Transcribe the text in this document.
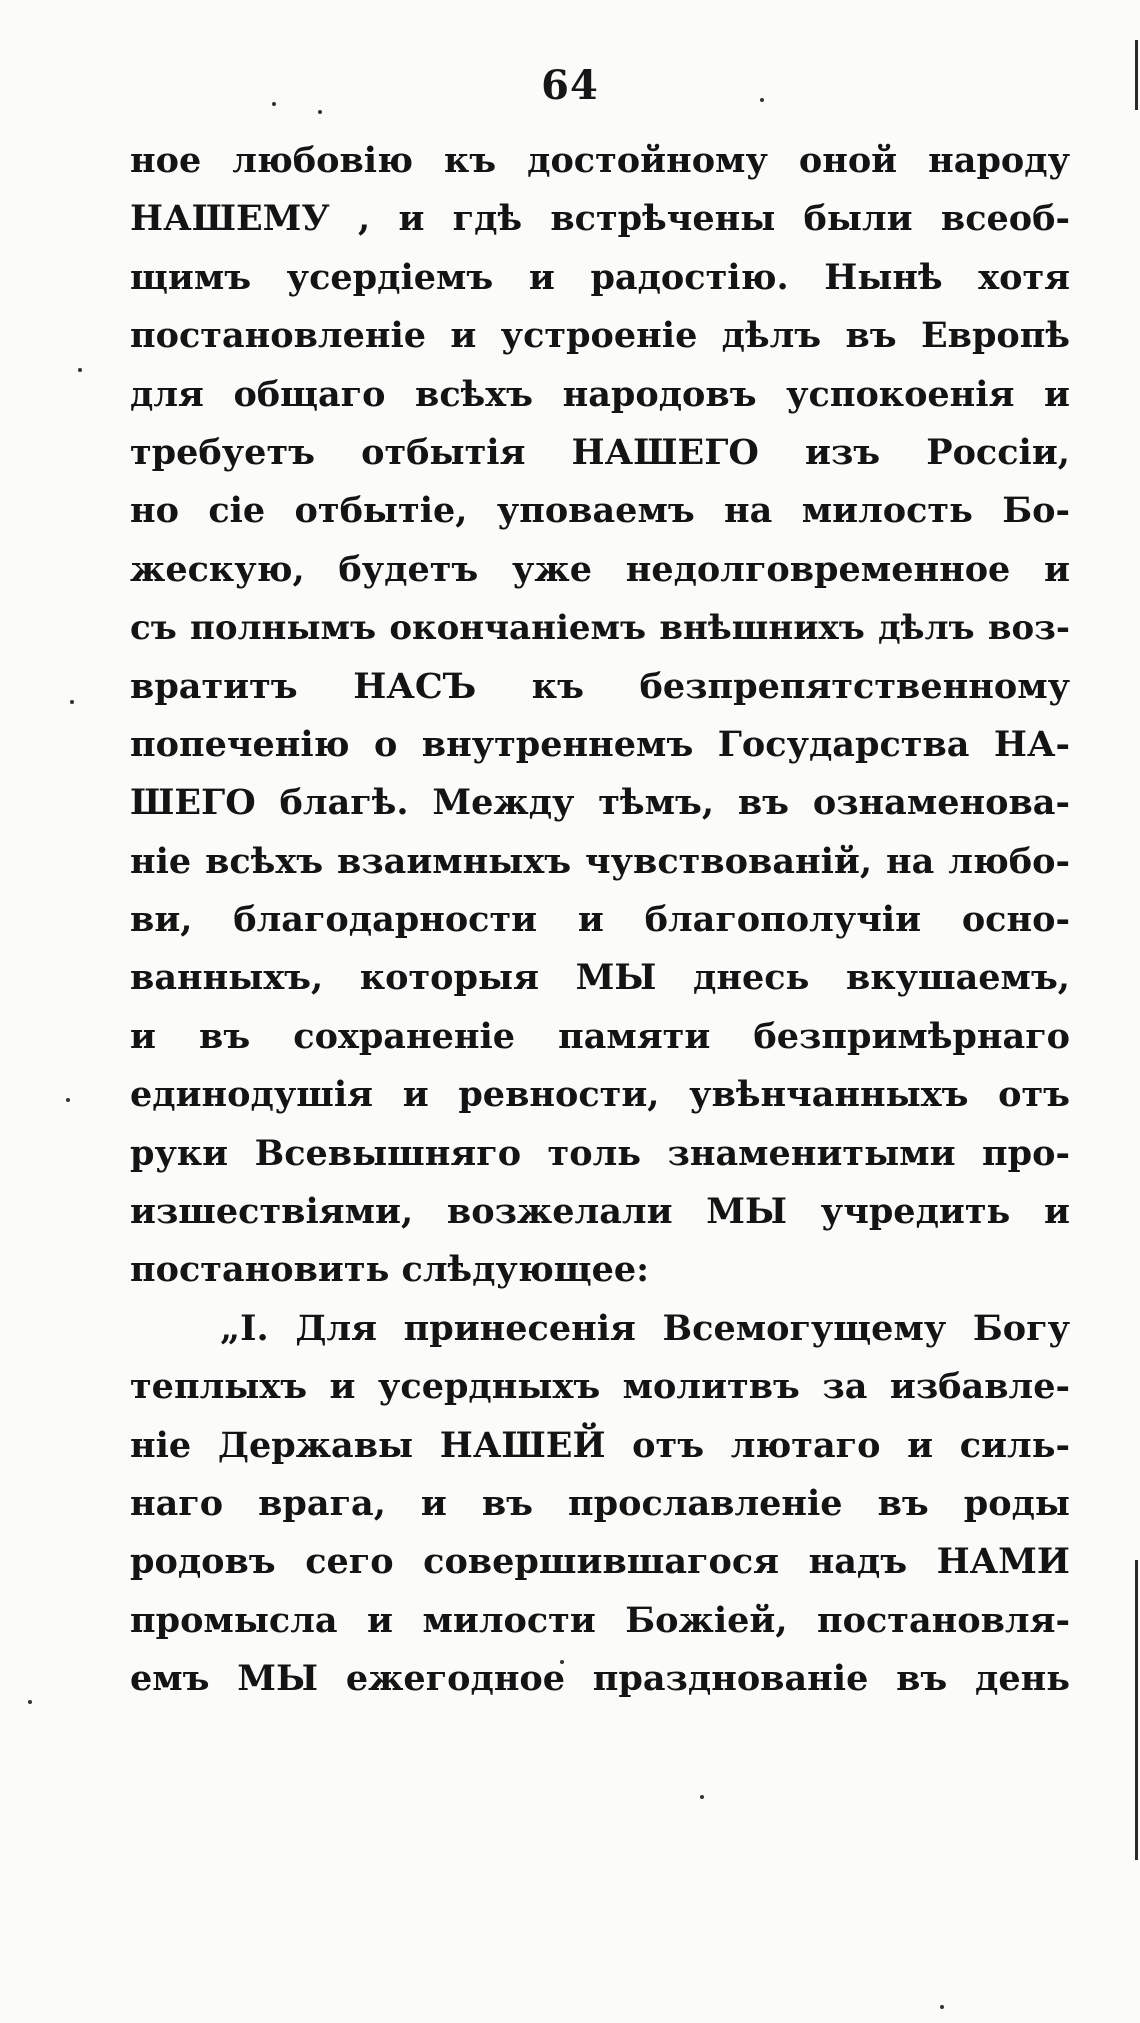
64
ное любовію къ достойному оной народу
НАШЕМУ , и гдѣ встрѣчены были всеоб-
щимъ усердіемъ и радостію. Нынѣ хотя
постановленіе и устроеніе дѣлъ въ Европѣ
для общаго всѣхъ народовъ успокоенія и
требуетъ отбытія НАШЕГО изъ Россіи,
но сіе отбытіе, уповаемъ на милость Бо-
жескую, будетъ уже недолговременное и
съ полнымъ окончаніемъ внѣшнихъ дѣлъ воз-
вратитъ НАСЪ къ безпрепятственному
попеченію о внутреннемъ Государства НА-
ШЕГО благѣ. Между тѣмъ, въ ознаменова-
ніе всѣхъ взаимныхъ чувствованій, на любо-
ви, благодарности и благополучіи осно-
ванныхъ, которыя МЫ днесь вкушаемъ,
и въ сохраненіе памяти безпримѣрнаго
единодушія и ревности, увѣнчанныхъ отъ
руки Всевышняго толь знаменитыми про-
изшествіями, возжелали МЫ учредить и
постановить слѣдующее:
„I. Для принесенія Всемогущему Богу
теплыхъ и усердныхъ молитвъ за избавле-
ніе Державы НАШЕЙ отъ лютаго и силь-
наго врага, и въ прославленіе въ роды
родовъ сего совершившагося надъ НАМИ
промысла и милости Божіей, постановля-
емъ МЫ ежегодное празднованіе въ день
